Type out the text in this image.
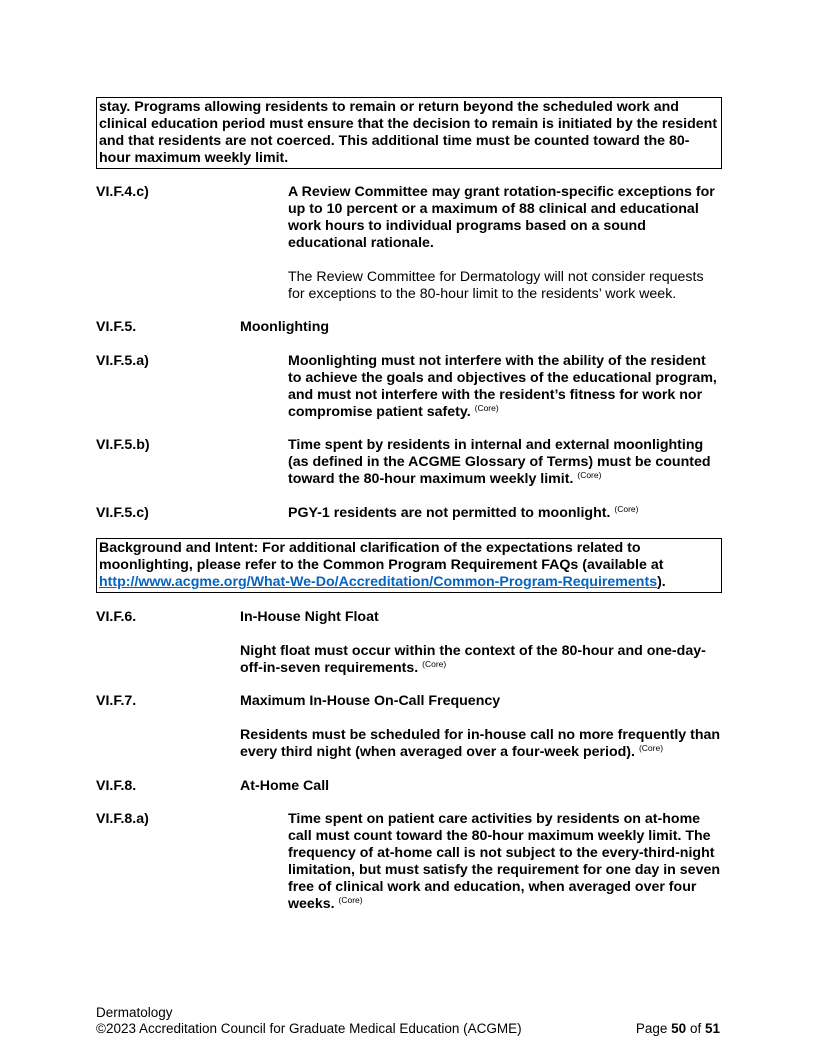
stay. Programs allowing residents to remain or return beyond the scheduled work and clinical education period must ensure that the decision to remain is initiated by the resident and that residents are not coerced. This additional time must be counted toward the 80-hour maximum weekly limit.
VI.F.4.c)	A Review Committee may grant rotation-specific exceptions for up to 10 percent or a maximum of 88 clinical and educational work hours to individual programs based on a sound educational rationale.
The Review Committee for Dermatology will not consider requests for exceptions to the 80-hour limit to the residents’ work week.
VI.F.5.	Moonlighting
VI.F.5.a)	Moonlighting must not interfere with the ability of the resident to achieve the goals and objectives of the educational program, and must not interfere with the resident’s fitness for work nor compromise patient safety. $^{(Core)}$
VI.F.5.b)	Time spent by residents in internal and external moonlighting (as defined in the ACGME Glossary of Terms) must be counted toward the 80-hour maximum weekly limit. $^{(Core)}$
VI.F.5.c)	PGY-1 residents are not permitted to moonlight. $^{(Core)}$
Background and Intent: For additional clarification of the expectations related to moonlighting, please refer to the Common Program Requirement FAQs (available at http://www.acgme.org/What-We-Do/Accreditation/Common-Program-Requirements).
VI.F.6.	In-House Night Float
Night float must occur within the context of the 80-hour and one-day-off-in-seven requirements. $^{(Core)}$
VI.F.7.	Maximum In-House On-Call Frequency
Residents must be scheduled for in-house call no more frequently than every third night (when averaged over a four-week period). $^{(Core)}$
VI.F.8.	At-Home Call
VI.F.8.a)	Time spent on patient care activities by residents on at-home call must count toward the 80-hour maximum weekly limit. The frequency of at-home call is not subject to the every-third-night limitation, but must satisfy the requirement for one day in seven free of clinical work and education, when averaged over four weeks. $^{(Core)}$
Dermatology
©2023 Accreditation Council for Graduate Medical Education (ACGME)	Page 50 of 51
